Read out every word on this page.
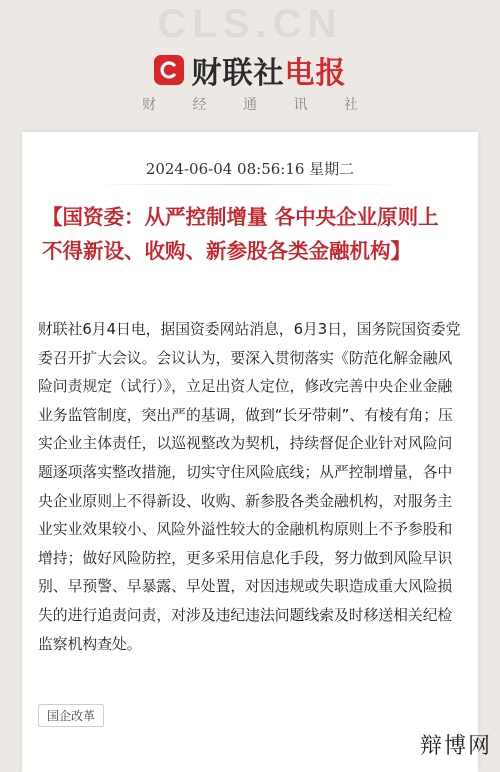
CLS.CN
财联社电报
财 经 通 讯 社
2024-06-04 08:56:16 星期二
【国资委：从严控制增量 各中央企业原则上不得新设、收购、新参股各类金融机构】
财联社6月4日电，据国资委网站消息，6月3日，国务院国资委党委召开扩大会议。会议认为，要深入贯彻落实《防范化解金融风险问责规定（试行）》，立足出资人定位，修改完善中央企业金融业务监管制度，突出严的基调，做到“长牙带刺”、有棱有角；压实企业主体责任，以巡视整改为契机，持续督促企业针对风险问题逐项落实整改措施，切实守住风险底线；从严控制增量，各中央企业原则上不得新设、收购、新参股各类金融机构，对服务主业实业效果较小、风险外溢性较大的金融机构原则上不予参股和增持；做好风险防控，更多采用信息化手段，努力做到风险早识别、早预警、早暴露、早处置，对因违规或失职造成重大风险损失的进行追责问责，对涉及违纪违法问题线索及时移送相关纪检监察机构查处。
国企改革
辩博网
